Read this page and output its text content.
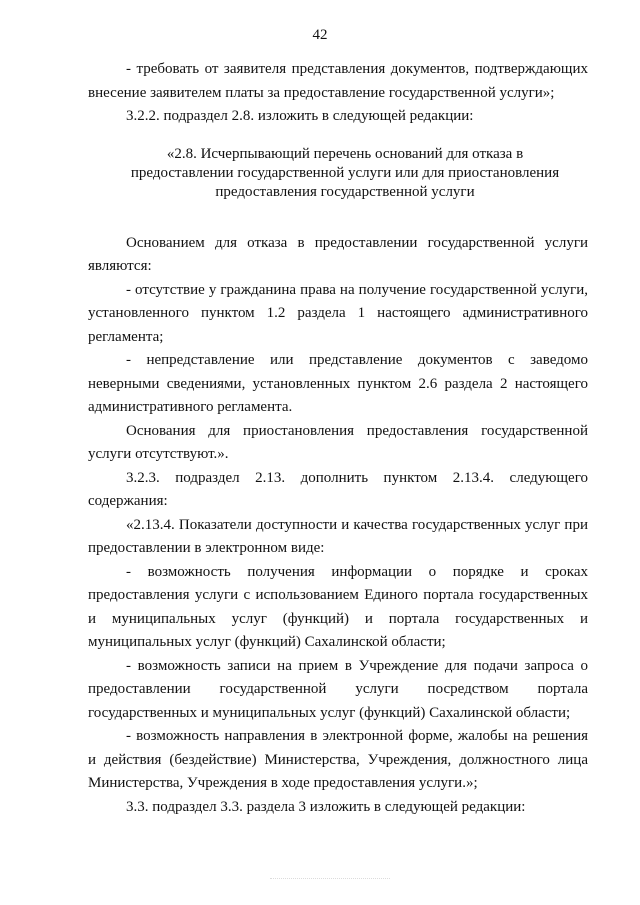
42

- требовать от заявителя представления документов, подтверждающих внесение заявителем платы за предоставление государственной услуги»;

3.2.2. подраздел 2.8. изложить в следующей редакции:

«2.8. Исчерпывающий перечень оснований для отказа в предоставлении государственной услуги или для приостановления предоставления государственной услуги

Основанием для отказа в предоставлении государственной услуги являются:

- отсутствие у гражданина права на получение государственной услуги, установленного пунктом 1.2 раздела 1 настоящего административного регламента;

- непредставление или представление документов с заведомо неверными сведениями, установленных пунктом 2.6 раздела 2 настоящего административного регламента.

Основания для приостановления предоставления государственной услуги отсутствуют.».

3.2.3. подраздел 2.13. дополнить пунктом 2.13.4. следующего содержания:

«2.13.4. Показатели доступности и качества государственных услуг при предоставлении в электронном виде:

- возможность получения информации о порядке и сроках предоставления услуги с использованием Единого портала государственных и муниципальных услуг (функций) и портала государственных и муниципальных услуг (функций) Сахалинской области;

- возможность записи на прием в Учреждение для подачи запроса о предоставлении государственной услуги посредством портала государственных и муниципальных услуг (функций) Сахалинской области;

- возможность направления в электронной форме, жалобы на решения и действия (бездействие) Министерства, Учреждения, должностного лица Министерства, Учреждения в ходе предоставления услуги.»;

3.3. подраздел 3.3. раздела 3 изложить в следующей редакции:
